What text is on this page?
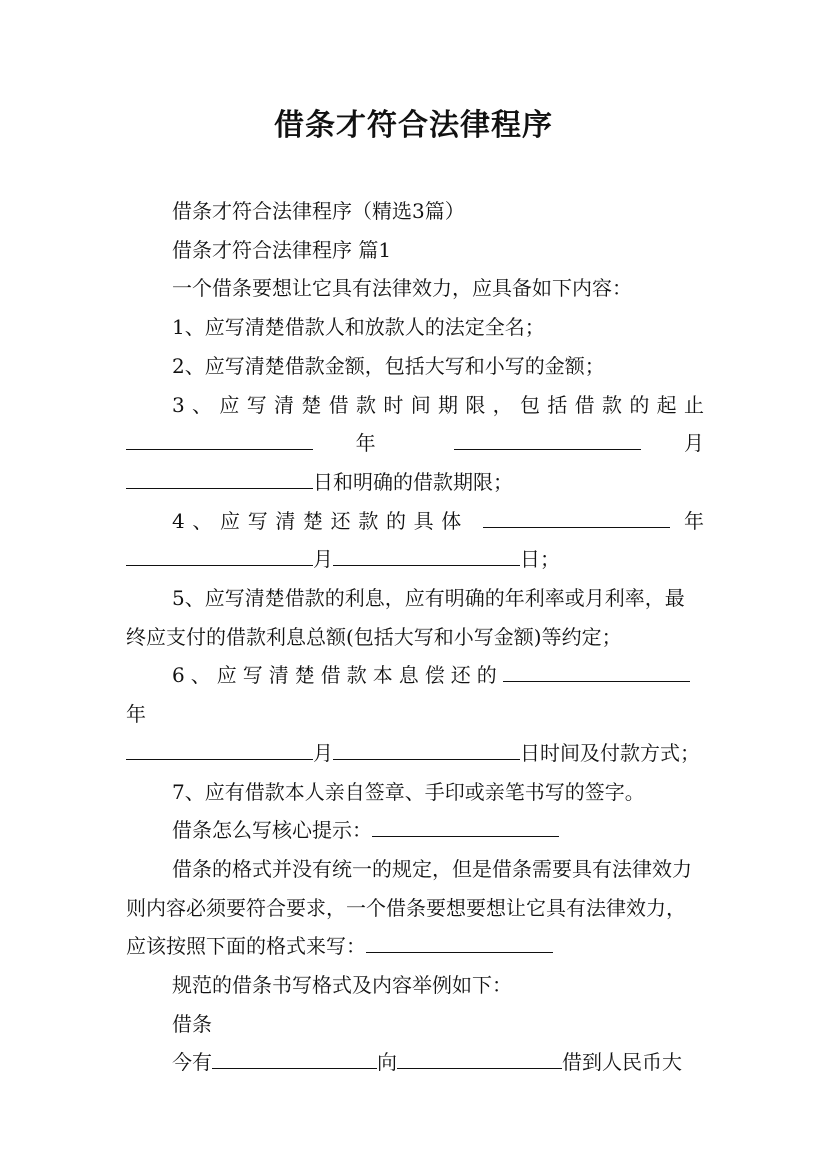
借条才符合法律程序

借条才符合法律程序（精选3篇）

借条才符合法律程序 篇1

一个借条要想让它具有法律效力，应具备如下内容：

1、应写清楚借款人和放款人的法定全名；

2、应写清楚借款金额，包括大写和小写的金额；

3、应写清楚借款时间期限，包括借款的起止  年	月

日和明确的借款期限；

4、应写清楚还款的具体	年

月	日；

5、应写清楚借款的利息，应有明确的年利率或月利率，最终应支付的借款利息总额(包括大写和小写金额)等约定；

6、应写清楚借款本息偿还的年

月	日时间及付款方式；

7、应有借款本人亲自签章、手印或亲笔书写的签字。

借条怎么写核心提示：

借条的格式并没有统一的规定，但是借条需要具有法律效力则内容必须要符合要求，一个借条要想要想让它具有法律效力，应该按照下面的格式来写：

规范的借条书写格式及内容举例如下：

借条

今有	向	借到人民币大
